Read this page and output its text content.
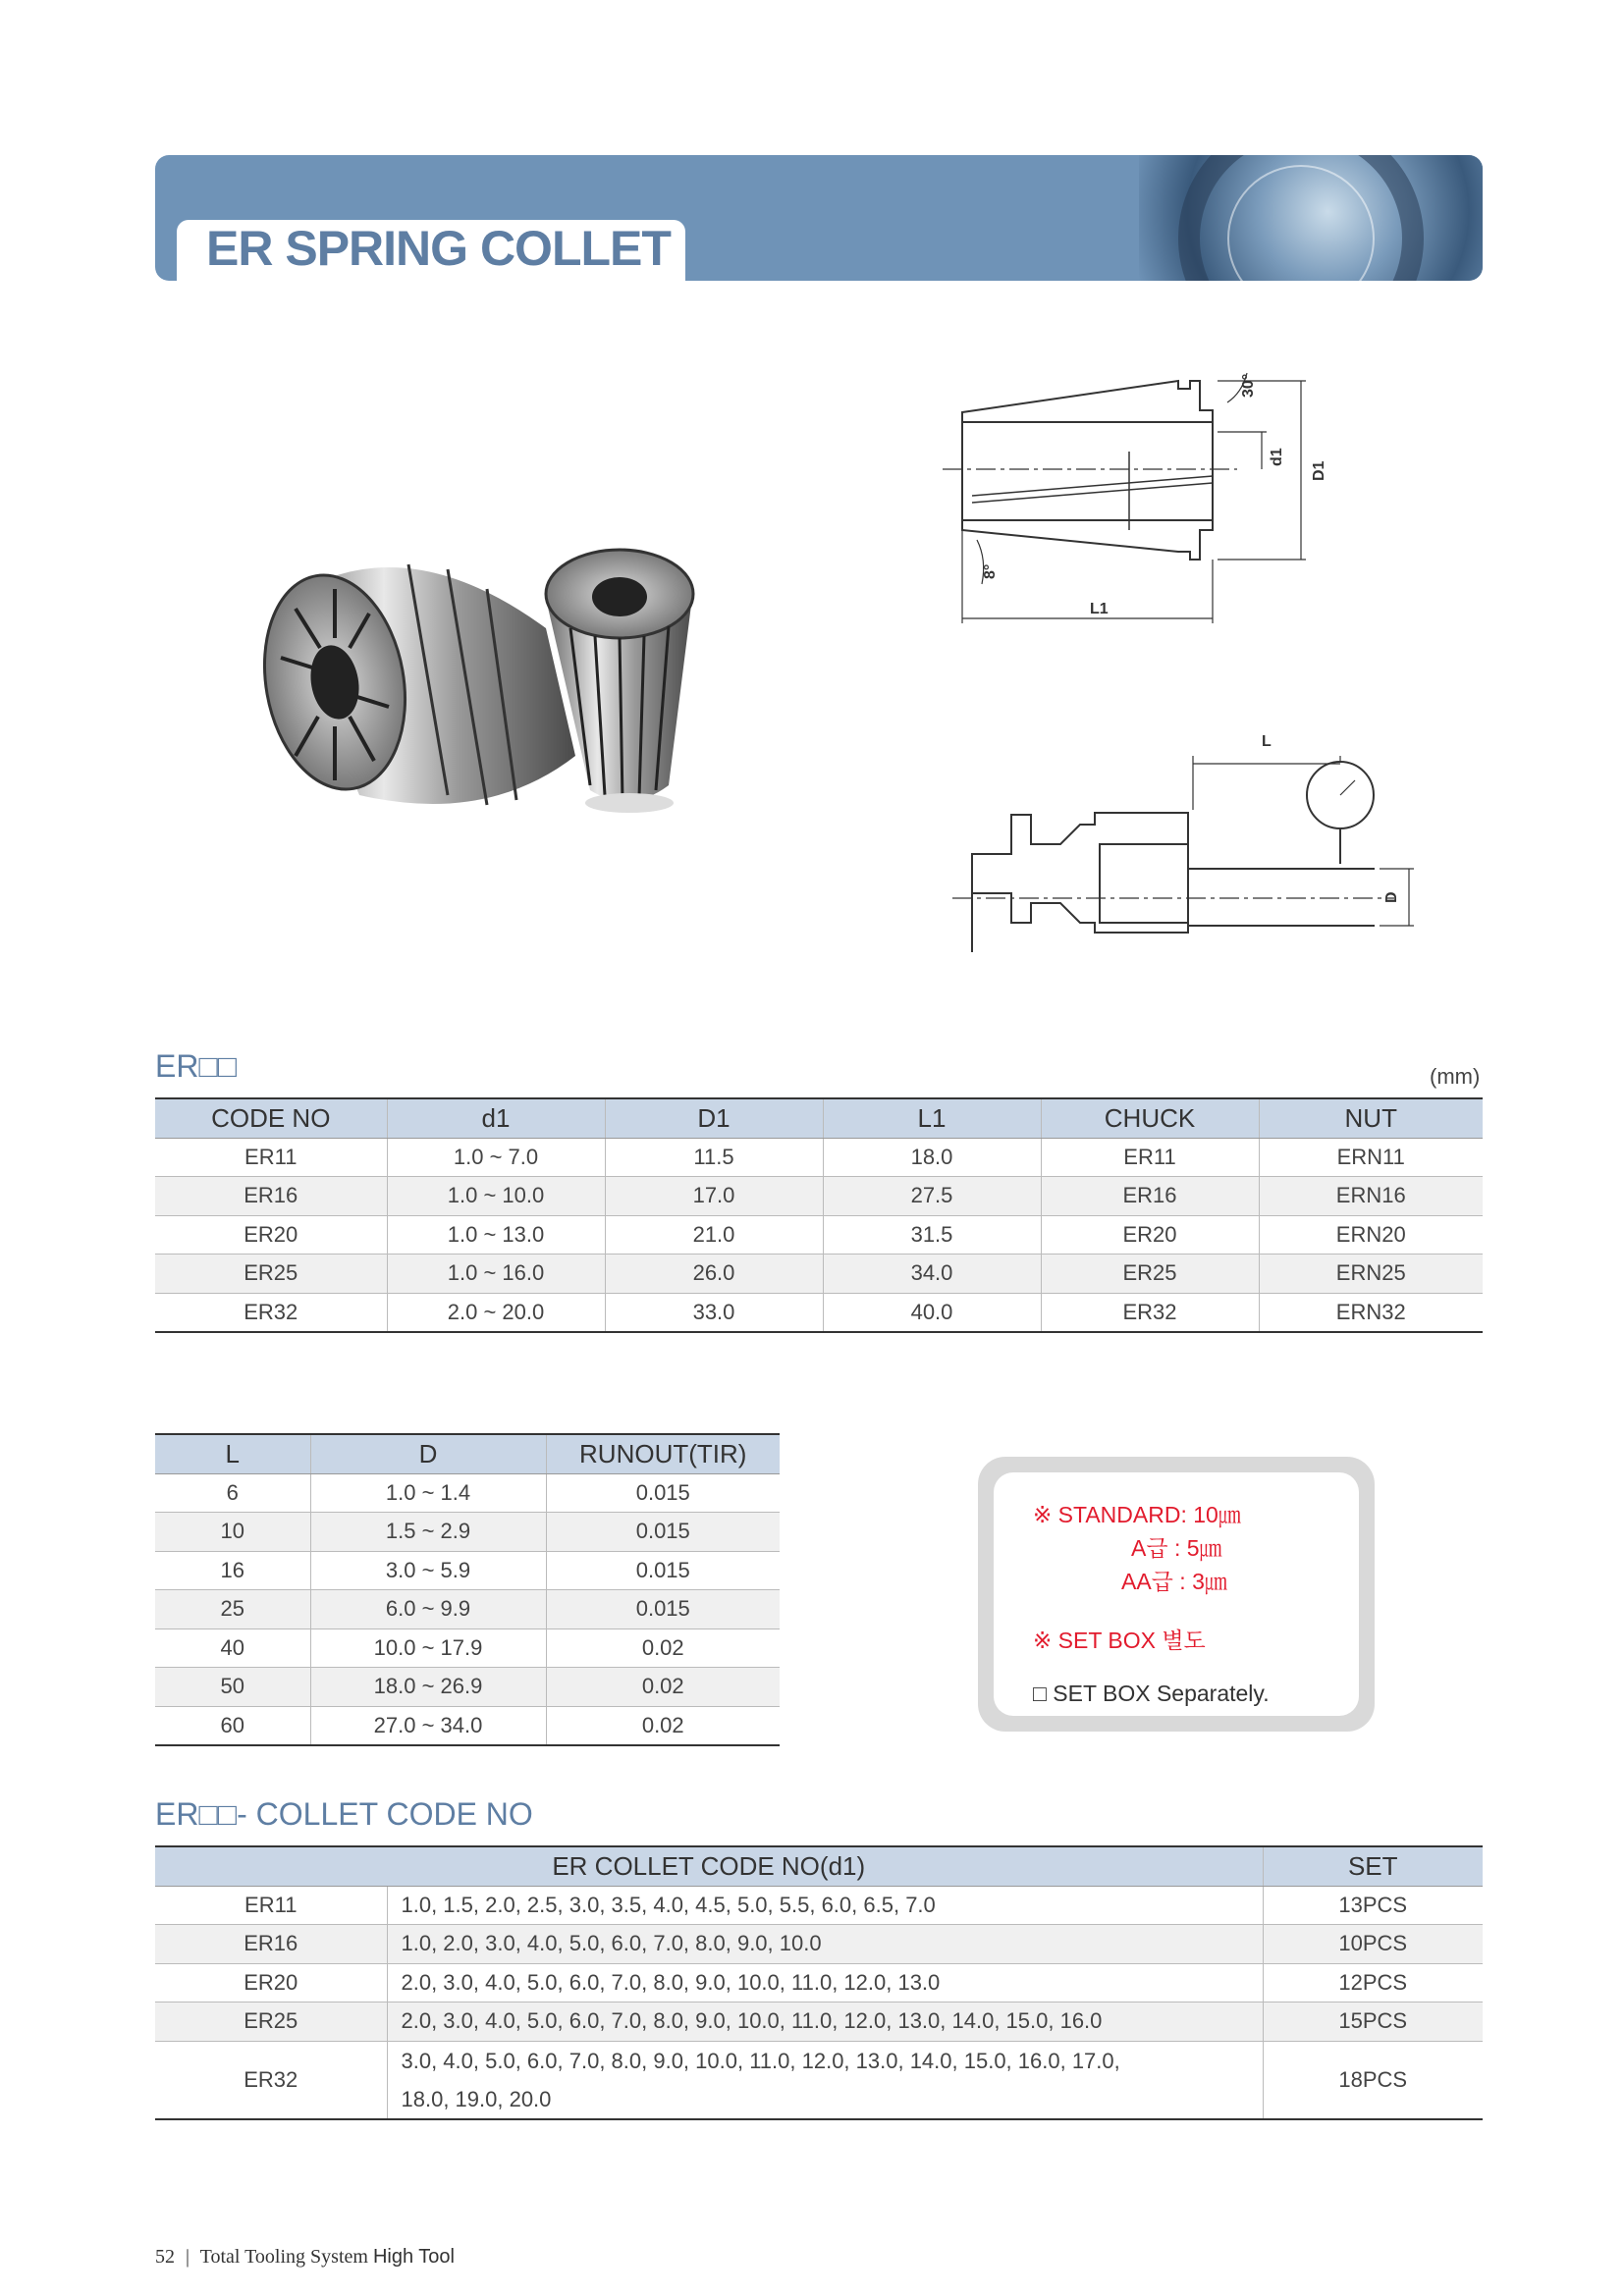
ER SPRING COLLET
L1
30°
d1
D1
8°
L
D
ER□□	(mm)
CODE NO	d1	D1	L1	CHUCK	NUT
ER11	1.0 ~ 7.0	11.5	18.0	ER11	ERN11
ER16	1.0 ~ 10.0	17.0	27.5	ER16	ERN16
ER20	1.0 ~ 13.0	21.0	31.5	ER20	ERN20
ER25	1.0 ~ 16.0	26.0	34.0	ER25	ERN25
ER32	2.0 ~ 20.0	33.0	40.0	ER32	ERN32
L	D	RUNOUT(TIR)
6	1.0 ~ 1.4	0.015
10	1.5 ~ 2.9	0.015
16	3.0 ~ 5.9	0.015
25	6.0 ~ 9.9	0.015
40	10.0 ~ 17.9	0.02
50	18.0 ~ 26.9	0.02
60	27.0 ~ 34.0	0.02
※ STANDARD: 10㎛
A급 : 5㎛
AA급 : 3㎛
※ SET BOX 별도
□ SET BOX Separately.
ER□□- COLLET CODE NO
ER COLLET CODE NO(d1)		SET
ER11	1.0, 1.5, 2.0, 2.5, 3.0, 3.5, 4.0, 4.5, 5.0, 5.5, 6.0, 6.5, 7.0	13PCS
ER16	1.0, 2.0, 3.0, 4.0, 5.0, 6.0, 7.0, 8.0, 9.0, 10.0	10PCS
ER20	2.0, 3.0, 4.0, 5.0, 6.0, 7.0, 8.0, 9.0, 10.0, 11.0, 12.0, 13.0	12PCS
ER25	2.0, 3.0, 4.0, 5.0, 6.0, 7.0, 8.0, 9.0, 10.0, 11.0, 12.0, 13.0, 14.0, 15.0, 16.0	15PCS
ER32	3.0, 4.0, 5.0, 6.0, 7.0, 8.0, 9.0, 10.0, 11.0, 12.0, 13.0, 14.0, 15.0, 16.0, 17.0,
18.0, 19.0, 20.0	18PCS
52 | Total Tooling System High Tool
